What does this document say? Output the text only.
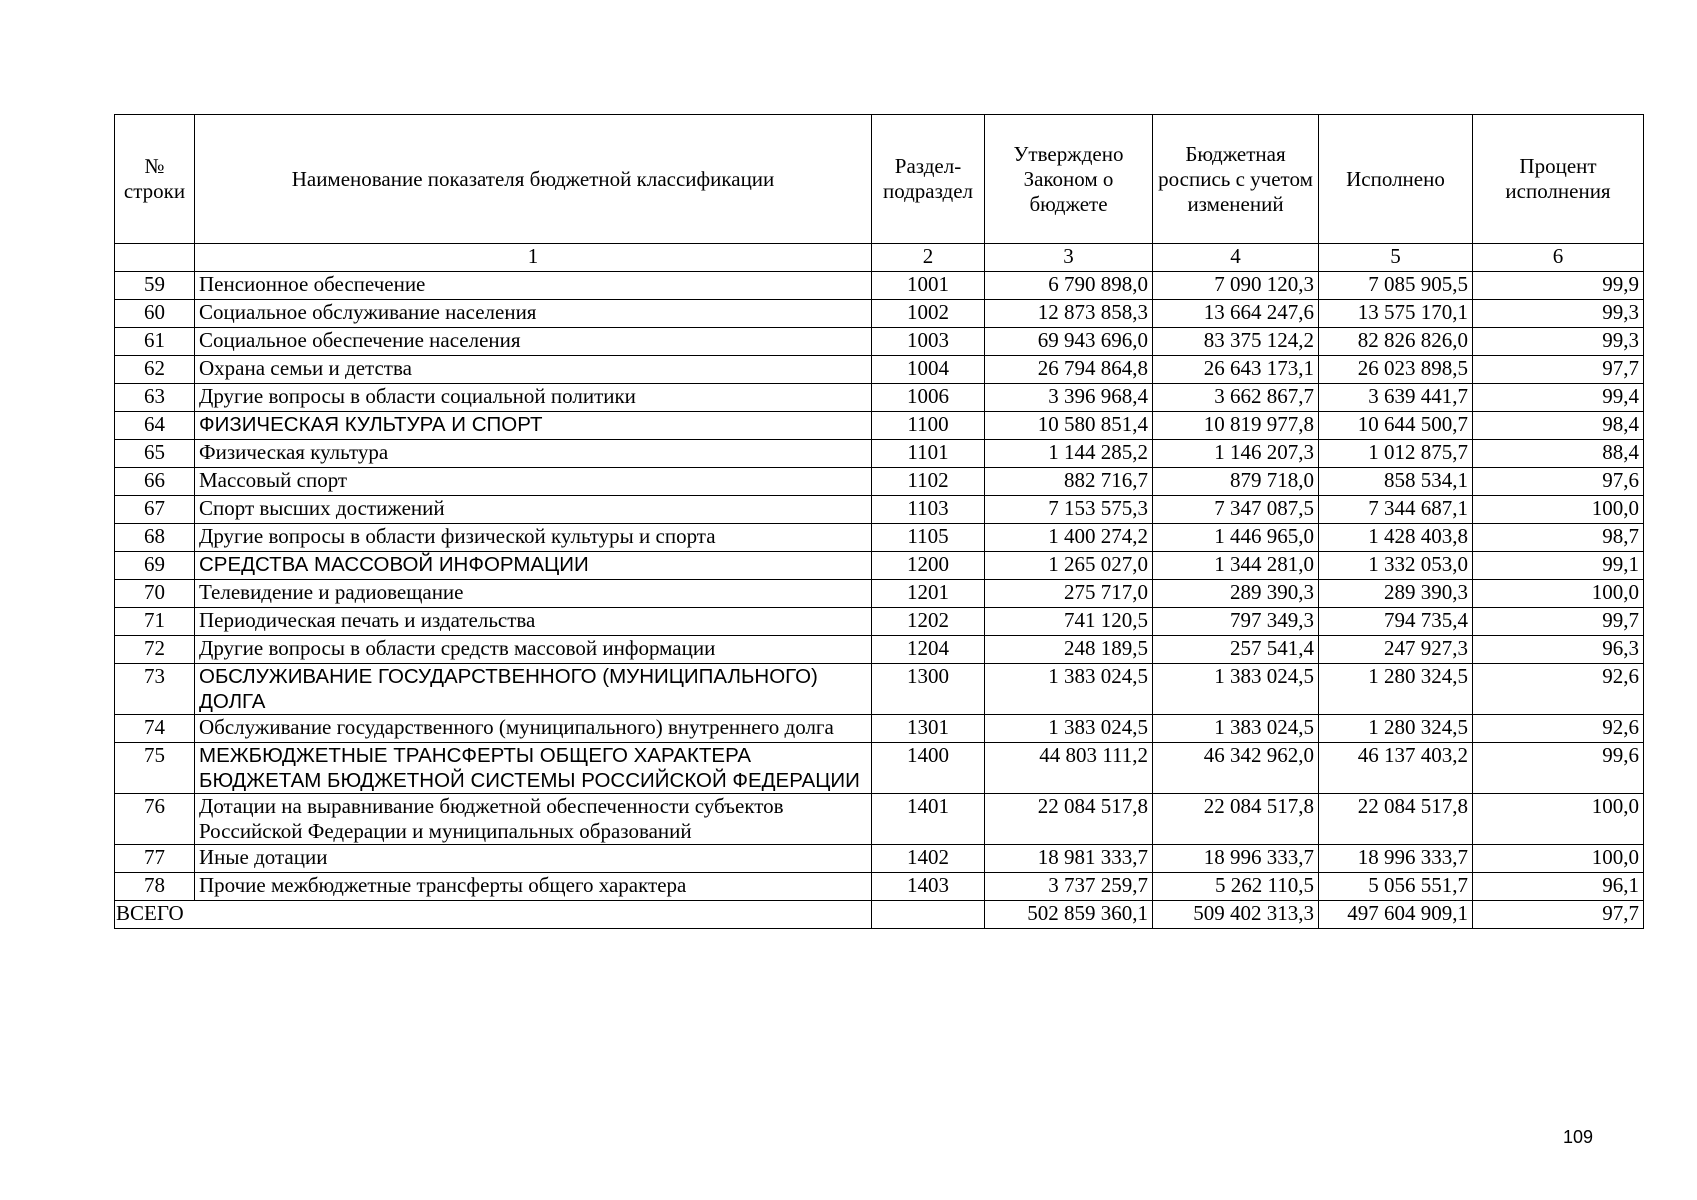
№ строки	Наименование показателя бюджетной классификации	Раздел-подраздел	Утверждено Законом о бюджете	Бюджетная роспись с учетом изменений	Исполнено	Процент исполнения
	1	2	3	4	5	6
59	Пенсионное обеспечение	1001	6 790 898,0	7 090 120,3	7 085 905,5	99,9
60	Социальное обслуживание населения	1002	12 873 858,3	13 664 247,6	13 575 170,1	99,3
61	Социальное обеспечение населения	1003	69 943 696,0	83 375 124,2	82 826 826,0	99,3
62	Охрана семьи и детства	1004	26 794 864,8	26 643 173,1	26 023 898,5	97,7
63	Другие вопросы в области социальной политики	1006	3 396 968,4	3 662 867,7	3 639 441,7	99,4
64	ФИЗИЧЕСКАЯ КУЛЬТУРА И СПОРТ	1100	10 580 851,4	10 819 977,8	10 644 500,7	98,4
65	Физическая культура	1101	1 144 285,2	1 146 207,3	1 012 875,7	88,4
66	Массовый спорт	1102	882 716,7	879 718,0	858 534,1	97,6
67	Спорт высших достижений	1103	7 153 575,3	7 347 087,5	7 344 687,1	100,0
68	Другие вопросы в области физической культуры и спорта	1105	1 400 274,2	1 446 965,0	1 428 403,8	98,7
69	СРЕДСТВА МАССОВОЙ ИНФОРМАЦИИ	1200	1 265 027,0	1 344 281,0	1 332 053,0	99,1
70	Телевидение и радиовещание	1201	275 717,0	289 390,3	289 390,3	100,0
71	Периодическая печать и издательства	1202	741 120,5	797 349,3	794 735,4	99,7
72	Другие вопросы в области средств массовой информации	1204	248 189,5	257 541,4	247 927,3	96,3
73	ОБСЛУЖИВАНИЕ ГОСУДАРСТВЕННОГО (МУНИЦИПАЛЬНОГО) ДОЛГА	1300	1 383 024,5	1 383 024,5	1 280 324,5	92,6
74	Обслуживание государственного (муниципального) внутреннего долга	1301	1 383 024,5	1 383 024,5	1 280 324,5	92,6
75	МЕЖБЮДЖЕТНЫЕ ТРАНСФЕРТЫ ОБЩЕГО ХАРАКТЕРА БЮДЖЕТАМ БЮДЖЕТНОЙ СИСТЕМЫ РОССИЙСКОЙ ФЕДЕРАЦИИ	1400	44 803 111,2	46 342 962,0	46 137 403,2	99,6
76	Дотации на выравнивание бюджетной обеспеченности субъектов Российской Федерации и муниципальных образований	1401	22 084 517,8	22 084 517,8	22 084 517,8	100,0
77	Иные дотации	1402	18 981 333,7	18 996 333,7	18 996 333,7	100,0
78	Прочие межбюджетные трансферты общего характера	1403	3 737 259,7	5 262 110,5	5 056 551,7	96,1
ВСЕГО			502 859 360,1	509 402 313,3	497 604 909,1	97,7
109
